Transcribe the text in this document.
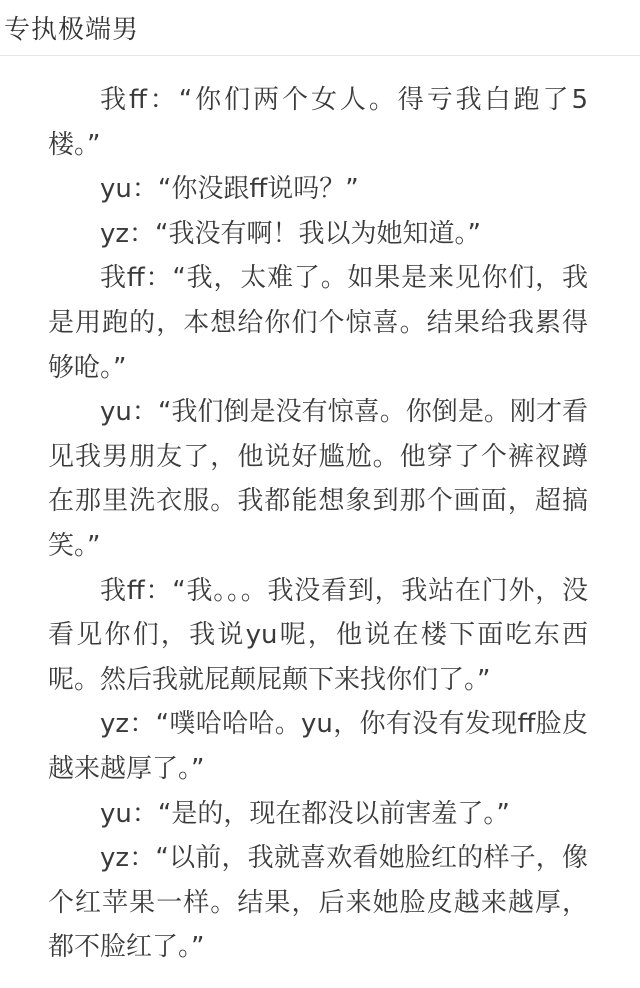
专执极端男

我ff：“你们两个女人。得亏我白跑了5楼。”

yu：“你没跟ff说吗？”

yz：“我没有啊！我以为她知道。”

我ff：“我，太难了。如果是来见你们，我是用跑的，本想给你们个惊喜。结果给我累得够呛。”

yu：“我们倒是没有惊喜。你倒是。刚才看见我男朋友了，他说好尴尬。他穿了个裤衩蹲在那里洗衣服。我都能想象到那个画面，超搞笑。”

我ff：“我。。。我没看到，我站在门外，没看见你们，我说yu呢，他说在楼下面吃东西呢。然后我就屁颠屁颠下来找你们了。”

yz：“噗哈哈哈。yu，你有没有发现ff脸皮越来越厚了。”

yu：“是的，现在都没以前害羞了。”

yz：“以前，我就喜欢看她脸红的样子，像个红苹果一样。结果，后来她脸皮越来越厚，都不脸红了。”
